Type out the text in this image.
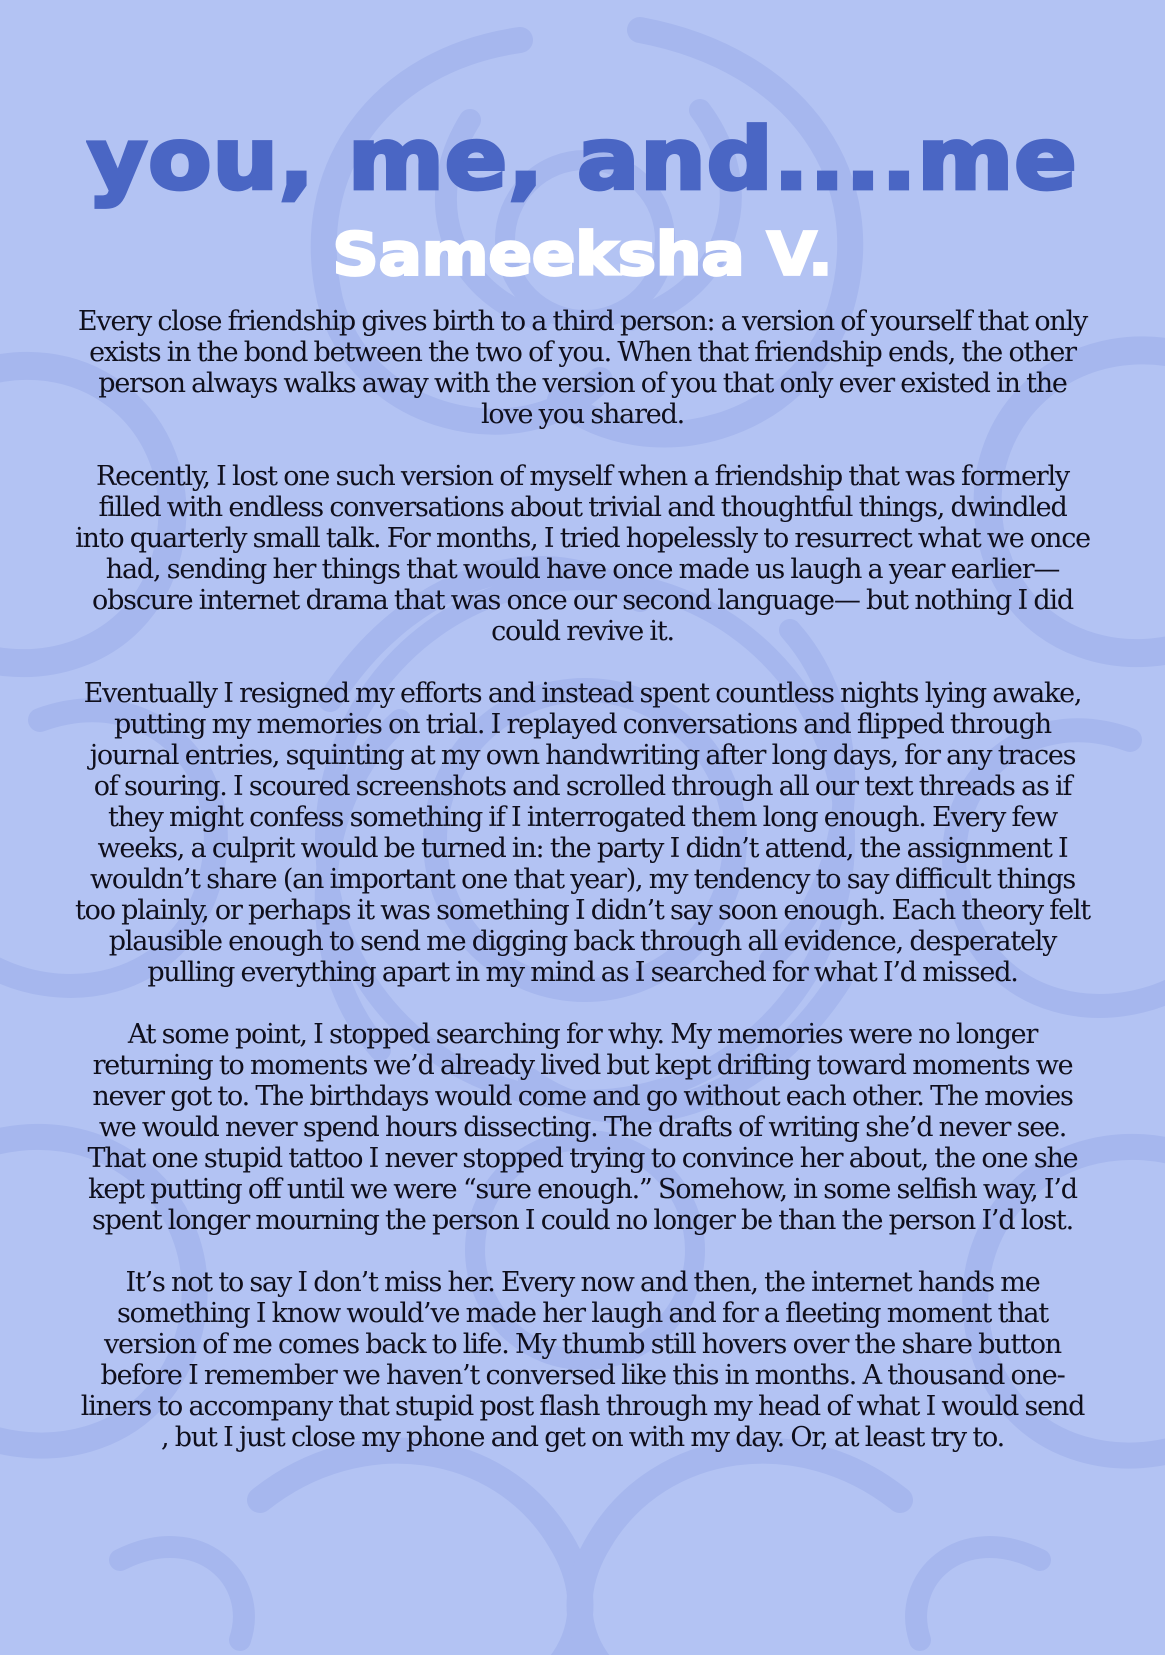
you, me, and....me
Sameeksha V.

Every close friendship gives birth to a third person: a version of yourself that only exists in the bond between the two of you. When that friendship ends, the other person always walks away with the version of you that only ever existed in the love you shared.

Recently, I lost one such version of myself when a friendship that was formerly filled with endless conversations about trivial and thoughtful things, dwindled into quarterly small talk. For months, I tried hopelessly to resurrect what we once had, sending her things that would have once made us laugh a year earlier—obscure internet drama that was once our second language— but nothing I did could revive it.

Eventually I resigned my efforts and instead spent countless nights lying awake, putting my memories on trial. I replayed conversations and flipped through journal entries, squinting at my own handwriting after long days, for any traces of souring. I scoured screenshots and scrolled through all our text threads as if they might confess something if I interrogated them long enough. Every few weeks, a culprit would be turned in: the party I didn’t attend, the assignment I wouldn’t share (an important one that year), my tendency to say difficult things too plainly, or perhaps it was something I didn’t say soon enough. Each theory felt plausible enough to send me digging back through all evidence, desperately pulling everything apart in my mind as I searched for what I’d missed.

At some point, I stopped searching for why. My memories were no longer returning to moments we’d already lived but kept drifting toward moments we never got to. The birthdays would come and go without each other. The movies we would never spend hours dissecting. The drafts of writing she’d never see. That one stupid tattoo I never stopped trying to convince her about, the one she kept putting off until we were “sure enough.” Somehow, in some selfish way, I’d spent longer mourning the person I could no longer be than the person I’d lost.

It’s not to say I don’t miss her. Every now and then, the internet hands me something I know would’ve made her laugh and for a fleeting moment that version of me comes back to life. My thumb still hovers over the share button before I remember we haven’t conversed like this in months. A thousand one-liners to accompany that stupid post flash through my head of what I would send , but I just close my phone and get on with my day. Or, at least try to.
